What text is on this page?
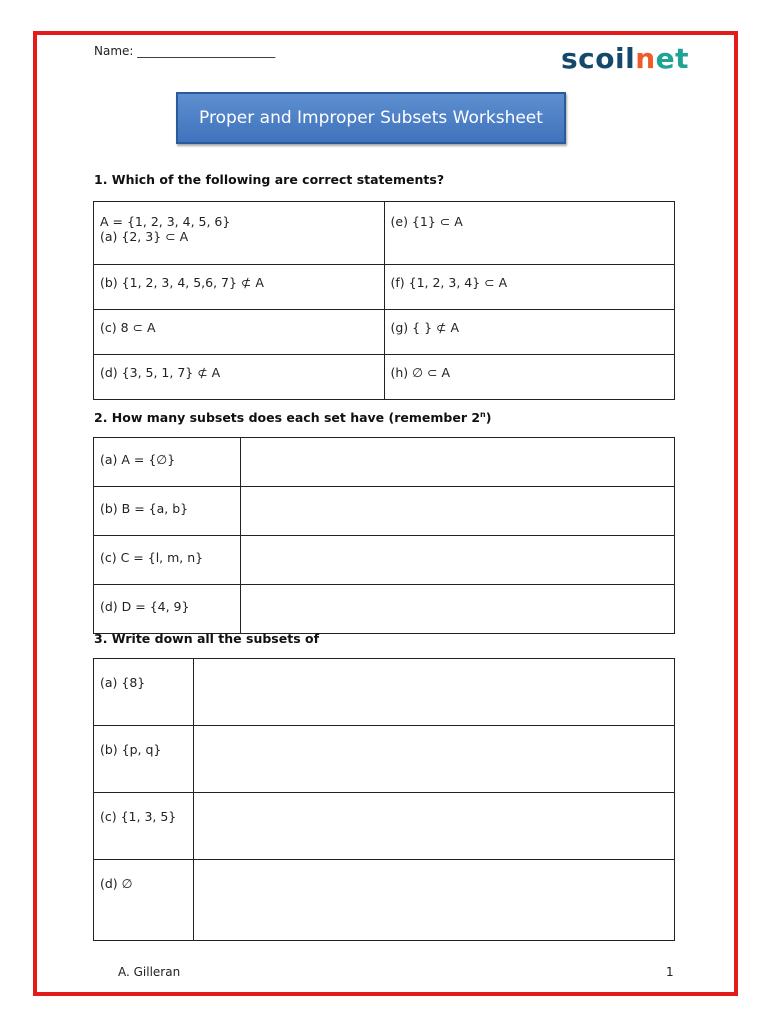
Name: _______________________	scoilnet
Proper and Improper Subsets Worksheet
1. Which of the following are correct statements?
A = {1, 2, 3, 4, 5, 6}
(a) {2, 3} ⊂ A	(e) {1} ⊂ A
(b) {1, 2, 3, 4, 5,6, 7} ⊄ A	(f) {1, 2, 3, 4} ⊂ A
(c) 8 ⊂ A	(g) { } ⊄ A
(d) {3, 5, 1, 7} ⊄ A	(h) ∅ ⊂ A
2. How many subsets does each set have (remember 2$^n$)
(a) A = {∅}	
(b) B = {a, b}	
(c) C = {l, m, n}	
(d) D = {4, 9}	
3. Write down all the subsets of
(a) {8}	
(b) {p, q}	
(c) {1, 3, 5}	
(d) ∅	
A. Gilleran	1
